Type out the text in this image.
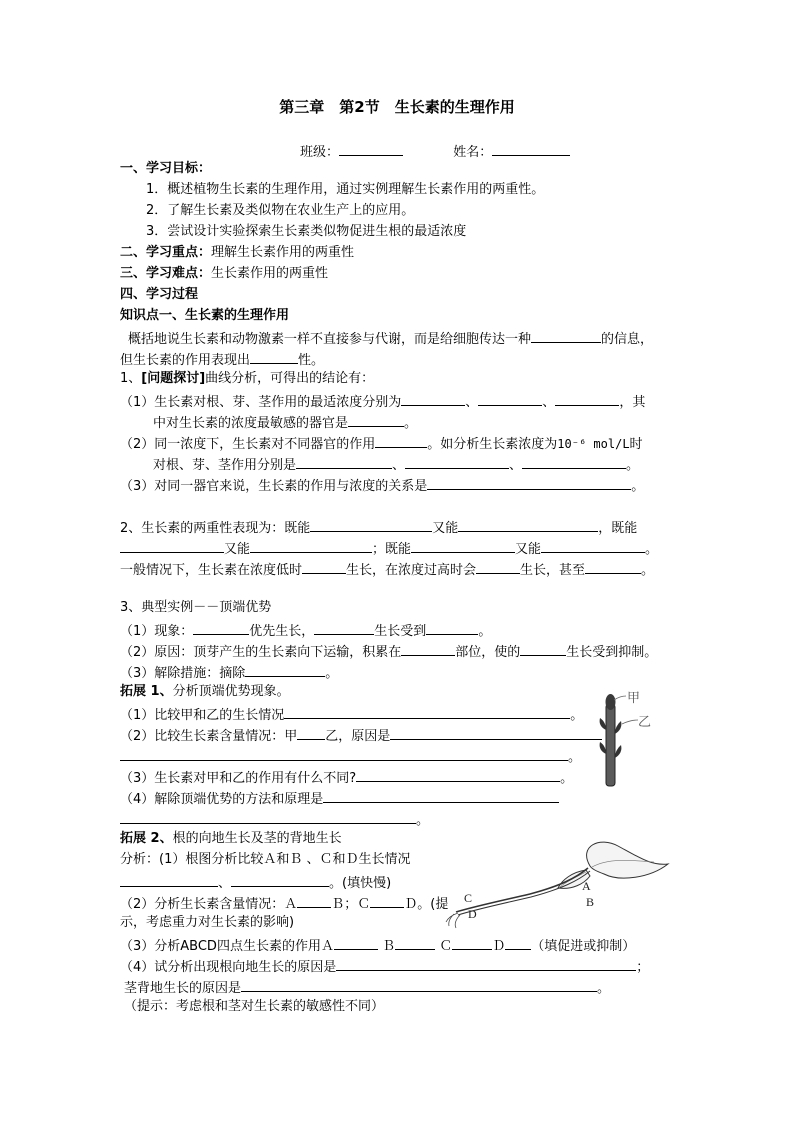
第三章　第2节　生长素的生理作用
班级：	姓名：
一、学习目标：
1．概述植物生长素的生理作用，通过实例理解生长素作用的两重性。
2．了解生长素及类似物在农业生产上的应用。
3．尝试设计实验探索生长素类似物促进生根的最适浓度
二、学习重点：理解生长素作用的两重性
三、学习难点：生长素作用的两重性
四、学习过程
知识点一、生长素的生理作用
概括地说生长素和动物激素一样不直接参与代谢，而是给细胞传达一种	的信息，
但生长素的作用表现出	性。
1、[问题探讨]曲线分析，可得出的结论有：
（1）生长素对根、芽、茎作用的最适浓度分别为	、	、	，其
中对生长素的浓度最敏感的器官是	。
（2）同一浓度下，生长素对不同器官的作用	。如分析生长素浓度为10⁻⁶ mol/L时
对根、芽、茎作用分别是	、	、	。
（3）对同一器官来说，生长素的作用与浓度的关系是	。
2、生长素的两重性表现为：既能	又能	，既能
又能	；既能	又能	。
一般情况下，生长素在浓度低时	生长，在浓度过高时会	生长，甚至	。
3、典型实例－－顶端优势
（1）现象：	优先生长，	生长受到	。
（2）原因：顶芽产生的生长素向下运输，积累在	部位，使的	生长受到抑制。
（3）解除措施：摘除	。
拓展 1、分析顶端优势现象。
（1）比较甲和乙的生长情况	。
（2）比较生长素含量情况：甲 乙，原因是
。
（3）生长素对甲和乙的作用有什么不同?	。
（4）解除顶端优势的方法和原理是
。
甲
乙
拓展 2、根的向地生长及茎的背地生长
分析：(1）根图分析比较Ａ和Ｂ 、Ｃ和Ｄ生长情况
、	。(填快慢)
（2）分析生长素含量情况：Ａ	Ｂ；Ｃ	Ｄ。(提
示，考虑重力对生长素的影响)
（3）分析ABCD四点生长素的作用Ａ	Ｂ	Ｃ	Ｄ （填促进或抑制）
（4）试分析出现根向地生长的原因是	；
茎背地生长的原因是	。
（提示：考虑根和茎对生长素的敏感性不同）
A
B
C
D
